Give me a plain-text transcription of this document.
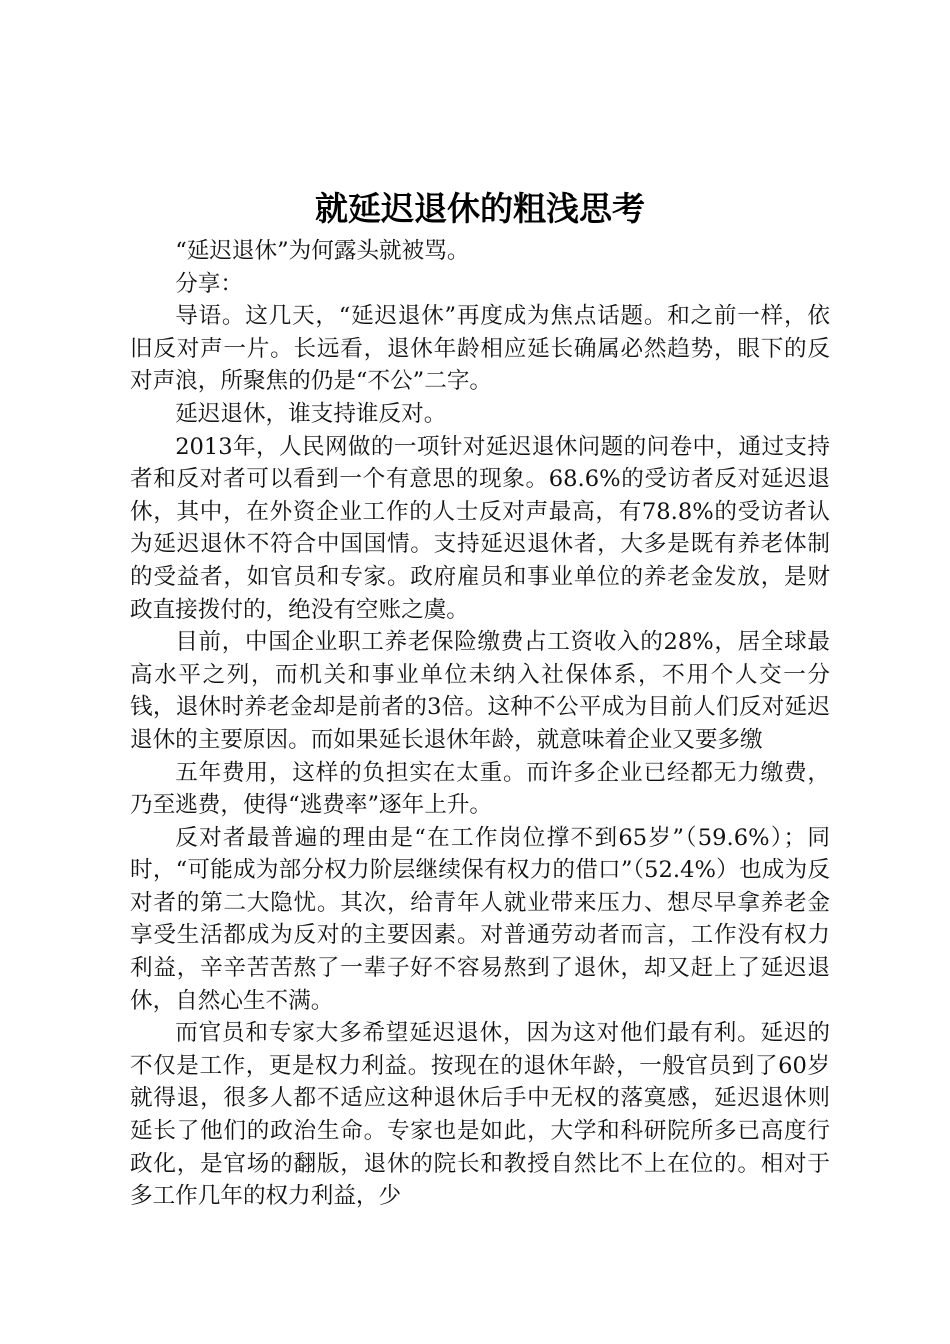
就延迟退休的粗浅思考

“延迟退休”为何露头就被骂。

分享：

导语。这几天，“延迟退休”再度成为焦点话题。和之前一样，依旧反对声一片。长远看，退休年龄相应延长确属必然趋势，眼下的反对声浪，所聚焦的仍是“不公”二字。

延迟退休，谁支持谁反对。

2013年，人民网做的一项针对延迟退休问题的问卷中，通过支持者和反对者可以看到一个有意思的现象。68.6%的受访者反对延迟退休，其中，在外资企业工作的人士反对声最高，有78.8%的受访者认为延迟退休不符合中国国情。支持延迟退休者，大多是既有养老体制的受益者，如官员和专家。政府雇员和事业单位的养老金发放，是财政直接拨付的，绝没有空账之虞。

目前，中国企业职工养老保险缴费占工资收入的28%，居全球最高水平之列，而机关和事业单位未纳入社保体系，不用个人交一分钱，退休时养老金却是前者的3倍。这种不公平成为目前人们反对延迟退休的主要原因。而如果延长退休年龄，就意味着企业又要多缴

五年费用，这样的负担实在太重。而许多企业已经都无力缴费，乃至逃费，使得“逃费率”逐年上升。

反对者最普遍的理由是“在工作岗位撑不到65岁”（59.6%）；同时，“可能成为部分权力阶层继续保有权力的借口”（52.4%）也成为反对者的第二大隐忧。其次，给青年人就业带来压力、想尽早拿养老金享受生活都成为反对的主要因素。对普通劳动者而言，工作没有权力利益，辛辛苦苦熬了一辈子好不容易熬到了退休，却又赶上了延迟退休，自然心生不满。

而官员和专家大多希望延迟退休，因为这对他们最有利。延迟的不仅是工作，更是权力利益。按现在的退休年龄，一般官员到了60岁就得退，很多人都不适应这种退休后手中无权的落寞感，延迟退休则延长了他们的政治生命。专家也是如此，大学和科研院所多已高度行政化，是官场的翻版，退休的院长和教授自然比不上在位的。相对于多工作几年的权力利益，少
